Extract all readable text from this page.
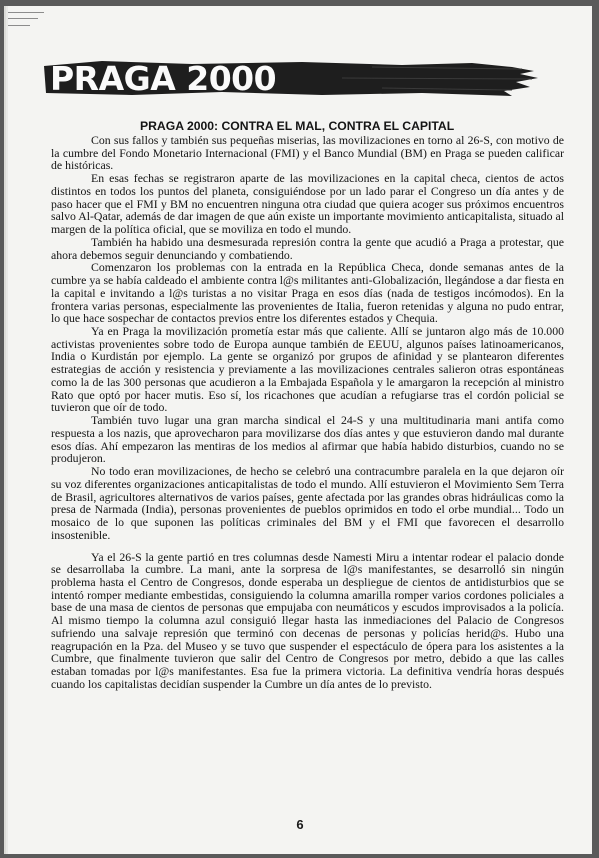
PRAGA 2000
PRAGA 2000: CONTRA EL MAL, CONTRA EL CAPITAL

Con sus fallos y también sus pequeñas miserias, las movilizaciones en torno al 26-S, con motivo de la cumbre del Fondo Monetario Internacional (FMI) y el Banco Mundial (BM) en Praga se pueden calificar de históricas.

En esas fechas se registraron aparte de las movilizaciones en la capital checa, cientos de actos distintos en todos los puntos del planeta, consiguiéndose por un lado parar el Congreso un día antes y de paso hacer que el FMI y BM no encuentren ninguna otra ciudad que quiera acoger sus próximos encuentros salvo Al-Qatar, además de dar imagen de que aún existe un importante movimiento anticapitalista, situado al margen de la política oficial, que se moviliza en todo el mundo.

También ha habido una desmesurada represión contra la gente que acudió a Praga a protestar, que ahora debemos seguir denunciando y combatiendo.

Comenzaron los problemas con la entrada en la República Checa, donde semanas antes de la cumbre ya se había caldeado el ambiente contra l@s militantes anti-Globalización, llegándose a dar fiesta en la capital e invitando a l@s turistas a no visitar Praga en esos días (nada de testigos incómodos). En la frontera varias personas, especialmente las provenientes de Italia, fueron retenidas y alguna no pudo entrar, lo que hace sospechar de contactos previos entre los diferentes estados y Chequia.

Ya en Praga la movilización prometía estar más que caliente. Allí se juntaron algo más de 10.000 activistas provenientes sobre todo de Europa aunque también de EEUU, algunos países latinoamericanos, India o Kurdistán por ejemplo. La gente se organizó por grupos de afinidad y se plantearon diferentes estrategias de acción y resistencia y previamente a las movilizaciones centrales salieron otras espontáneas como la de las 300 personas que acudieron a la Embajada Española y le amargaron la recepción al ministro Rato que optó por hacer mutis. Eso sí, los ricachones que acudían a refugiarse tras el cordón policial se tuvieron que oír de todo.

También tuvo lugar una gran marcha sindical el 24-S y una multitudinaria mani antifa como respuesta a los nazis, que aprovecharon para movilizarse dos días antes y que estuvieron dando mal durante esos días. Ahí empezaron las mentiras de los medios al afirmar que había habido disturbios, cuando no se produjeron.

No todo eran movilizaciones, de hecho se celebró una contracumbre paralela en la que dejaron oír su voz diferentes organizaciones anticapitalistas de todo el mundo. Allí estuvieron el Movimiento Sem Terra de Brasil, agricultores alternativos de varios países, gente afectada por las grandes obras hidráulicas como la presa de Narmada (India), personas provenientes de pueblos oprimidos en todo el orbe mundial... Todo un mosaico de lo que suponen las políticas criminales del BM y el FMI que favorecen el desarrollo insostenible.

Ya el 26-S la gente partió en tres columnas desde Namesti Miru a intentar rodear el palacio donde se desarrollaba la cumbre. La mani, ante la sorpresa de l@s manifestantes, se desarrolló sin ningún problema hasta el Centro de Congresos, donde esperaba un despliegue de cientos de antidisturbios que se intentó romper mediante embestidas, consiguiendo la columna amarilla romper varios cordones policiales a base de una masa de cientos de personas que empujaba con neumáticos y escudos improvisados a la policía. Al mismo tiempo la columna azul consiguió llegar hasta las inmediaciones del Palacio de Congresos sufriendo una salvaje represión que terminó con decenas de personas y policías herid@s. Hubo una reagrupación en la Pza. del Museo y se tuvo que suspender el espectáculo de ópera para los asistentes a la Cumbre, que finalmente tuvieron que salir del Centro de Congresos por metro, debido a que las calles estaban tomadas por l@s manifestantes. Esa fue la primera victoria. La definitiva vendría horas después cuando los capitalistas decidían suspender la Cumbre un día antes de lo previsto.

6
